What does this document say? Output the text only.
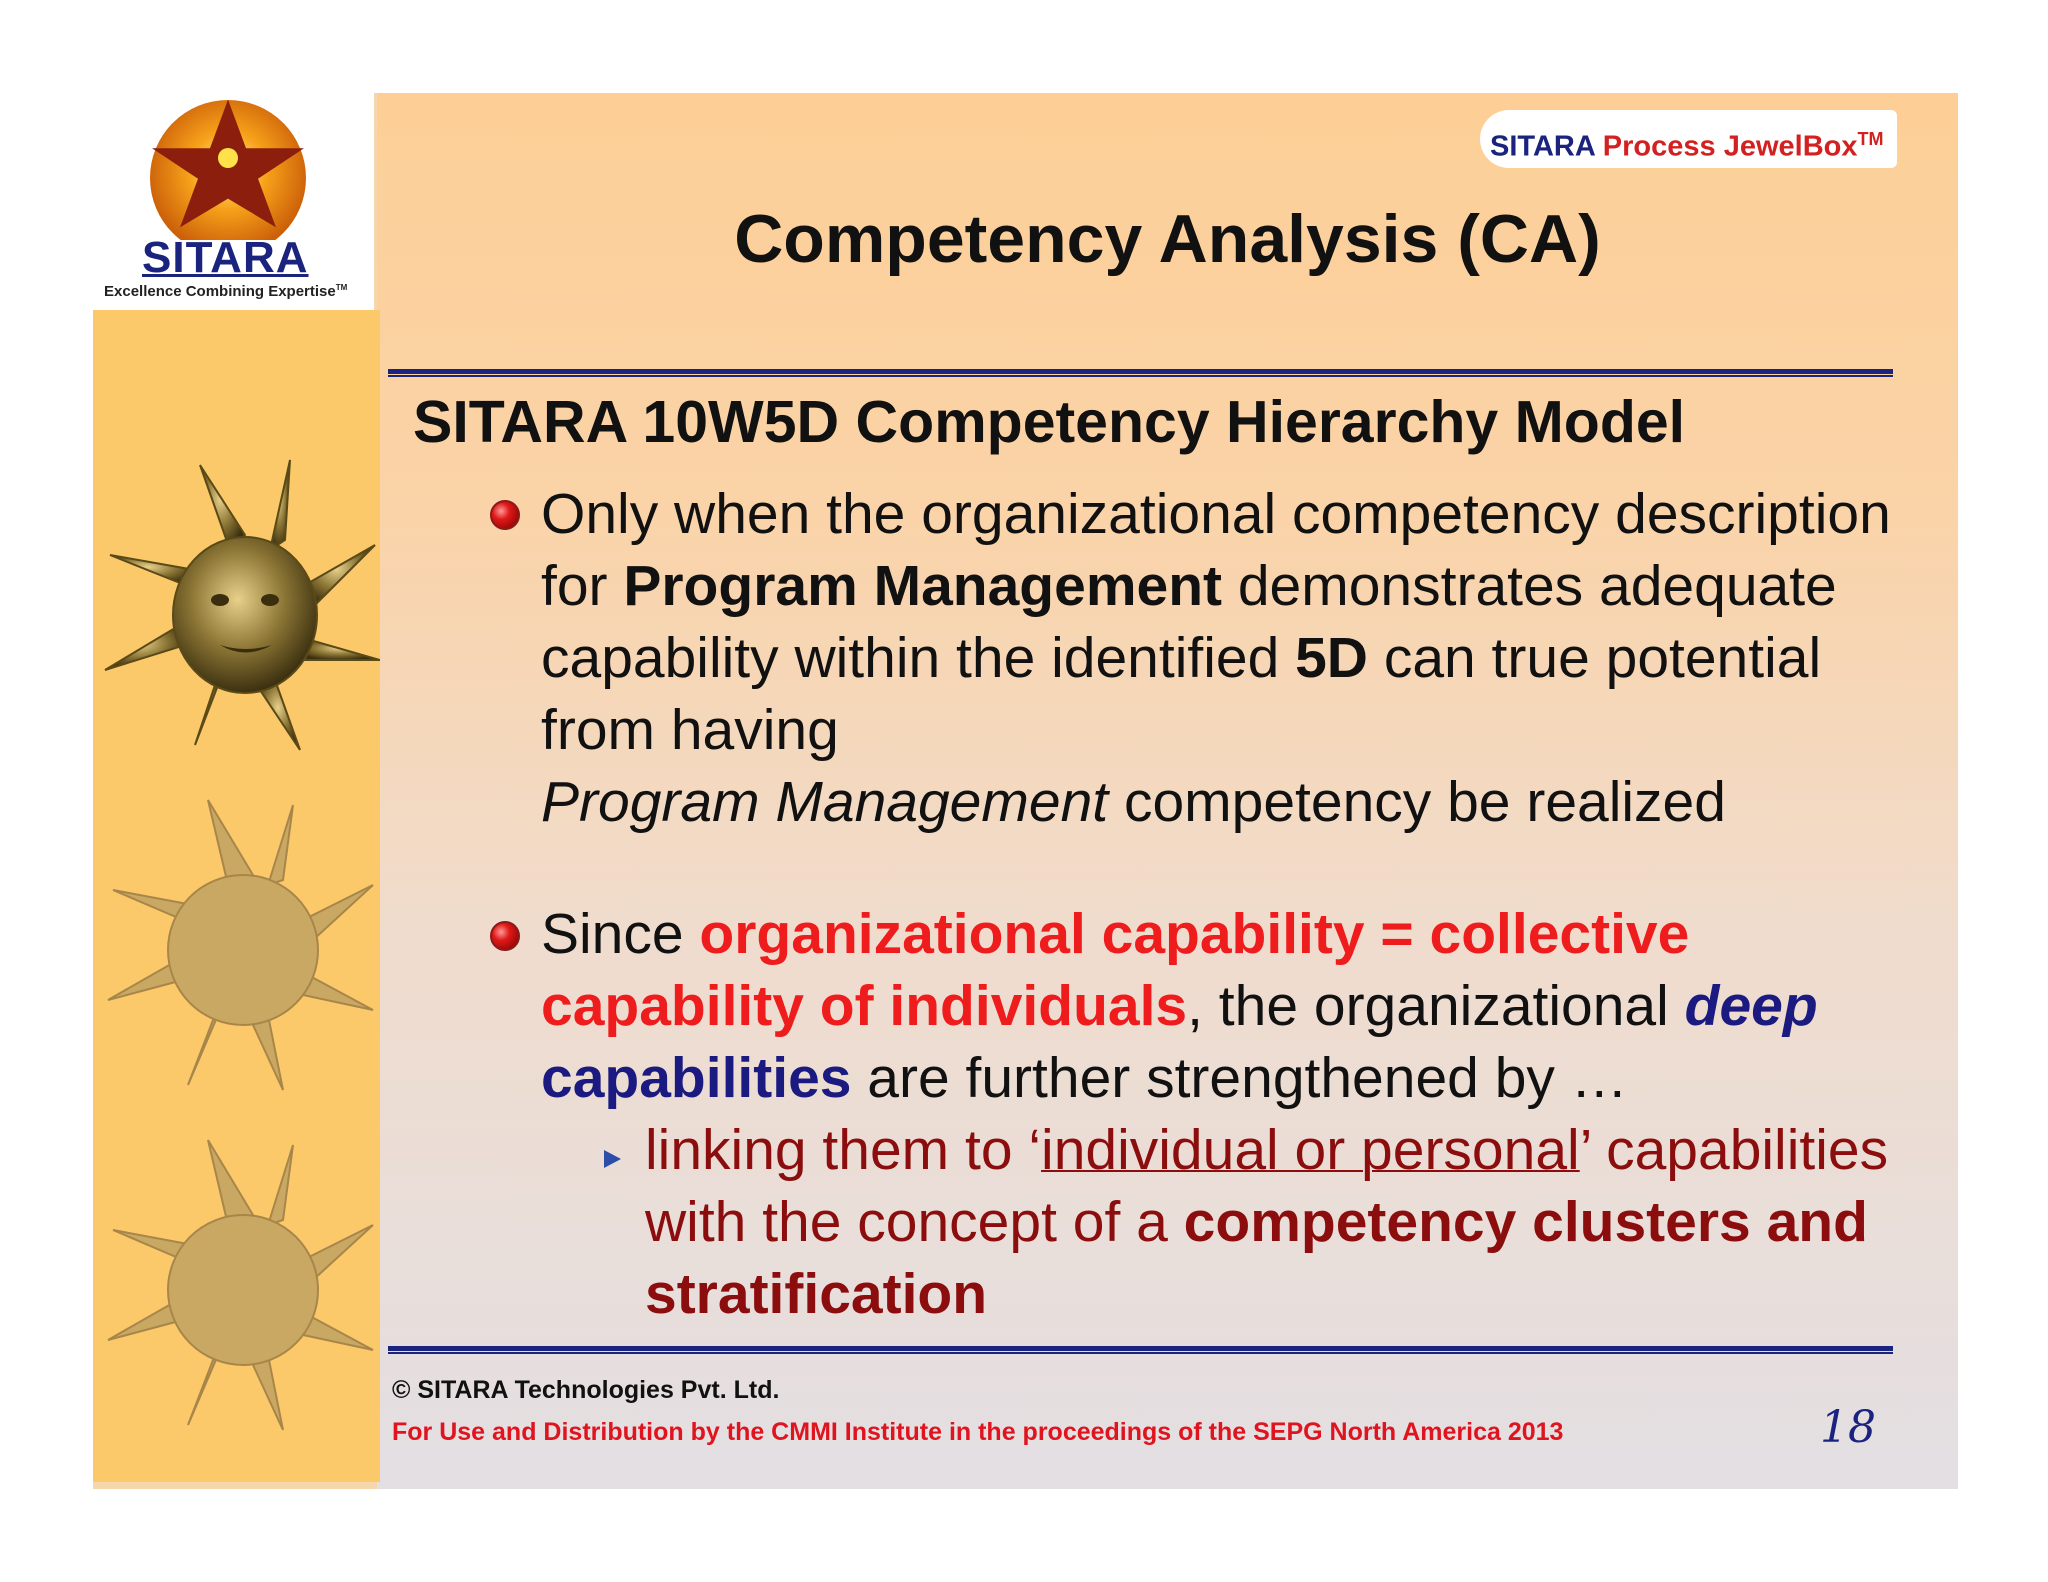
SITARA
Excellence Combining Expertise™
SITARA Process JewelBox™
Competency Analysis (CA)
SITARA 10W5D Competency Hierarchy Model
Only when the organizational competency description for Program Management demonstrates adequate capability within the identified 5D can true potential from having
Program Management competency be realized
Since organizational capability = collective capability of individuals, the organizational deep capabilities are further strengthened by …
linking them to ‘individual or personal’ capabilities with the concept of a competency clusters and stratification
© SITARA Technologies Pvt. Ltd.
For Use and Distribution by the CMMI Institute in the proceedings of the SEPG North America 2013	18
